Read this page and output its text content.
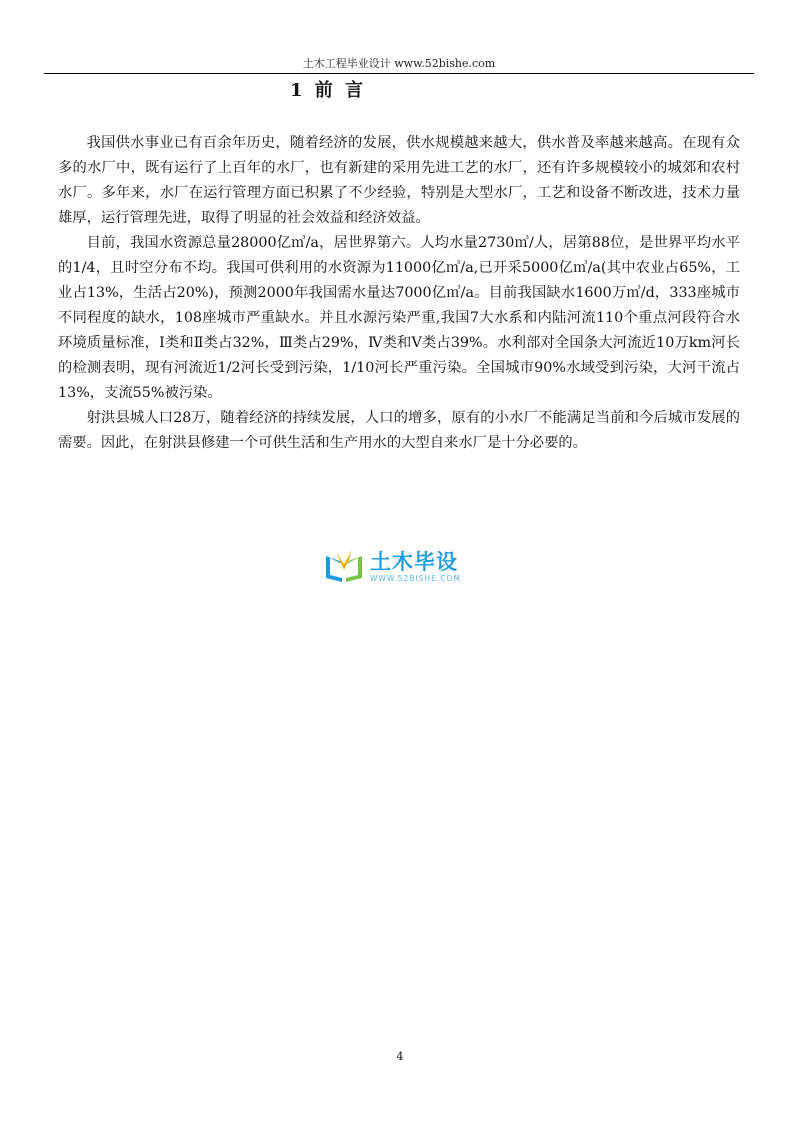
土木工程毕业设计 www.52bishe.com
1 前 言

我国供水事业已有百余年历史，随着经济的发展，供水规模越来越大，供水普及率越来越高。在现有众多的水厂中，既有运行了上百年的水厂，也有新建的采用先进工艺的水厂，还有许多规模较小的城郊和农村水厂。多年来，水厂在运行管理方面已积累了不少经验，特别是大型水厂，工艺和设备不断改进，技术力量雄厚，运行管理先进，取得了明显的社会效益和经济效益。

目前，我国水资源总量28000亿㎥/a，居世界第六。人均水量2730㎥/人，居第88位，是世界平均水平的1/4，且时空分布不均。我国可供利用的水资源为11000亿㎥/a,已开采5000亿㎥/a(其中农业占65%，工业占13%，生活占20%)，预测2000年我国需水量达7000亿㎥/a。目前我国缺水1600万㎥/d，333座城市不同程度的缺水，108座城市严重缺水。并且水源污染严重,我国7大水系和内陆河流110个重点河段符合水环境质量标准，Ⅰ类和Ⅱ类占32%，Ⅲ类占29%，Ⅳ类和Ⅴ类占39%。水利部对全国条大河流近10万km河长的检测表明，现有河流近1/2河长受到污染，1/10河长严重污染。全国城市90%水域受到污染，大河干流占13%，支流55%被污染。

射洪县城人口28万，随着经济的持续发展，人口的增多，原有的小水厂不能满足当前和今后城市发展的需要。因此，在射洪县修建一个可供生活和生产用水的大型自来水厂是十分必要的。

土木毕设
WWW.52BISHE.COM
4
